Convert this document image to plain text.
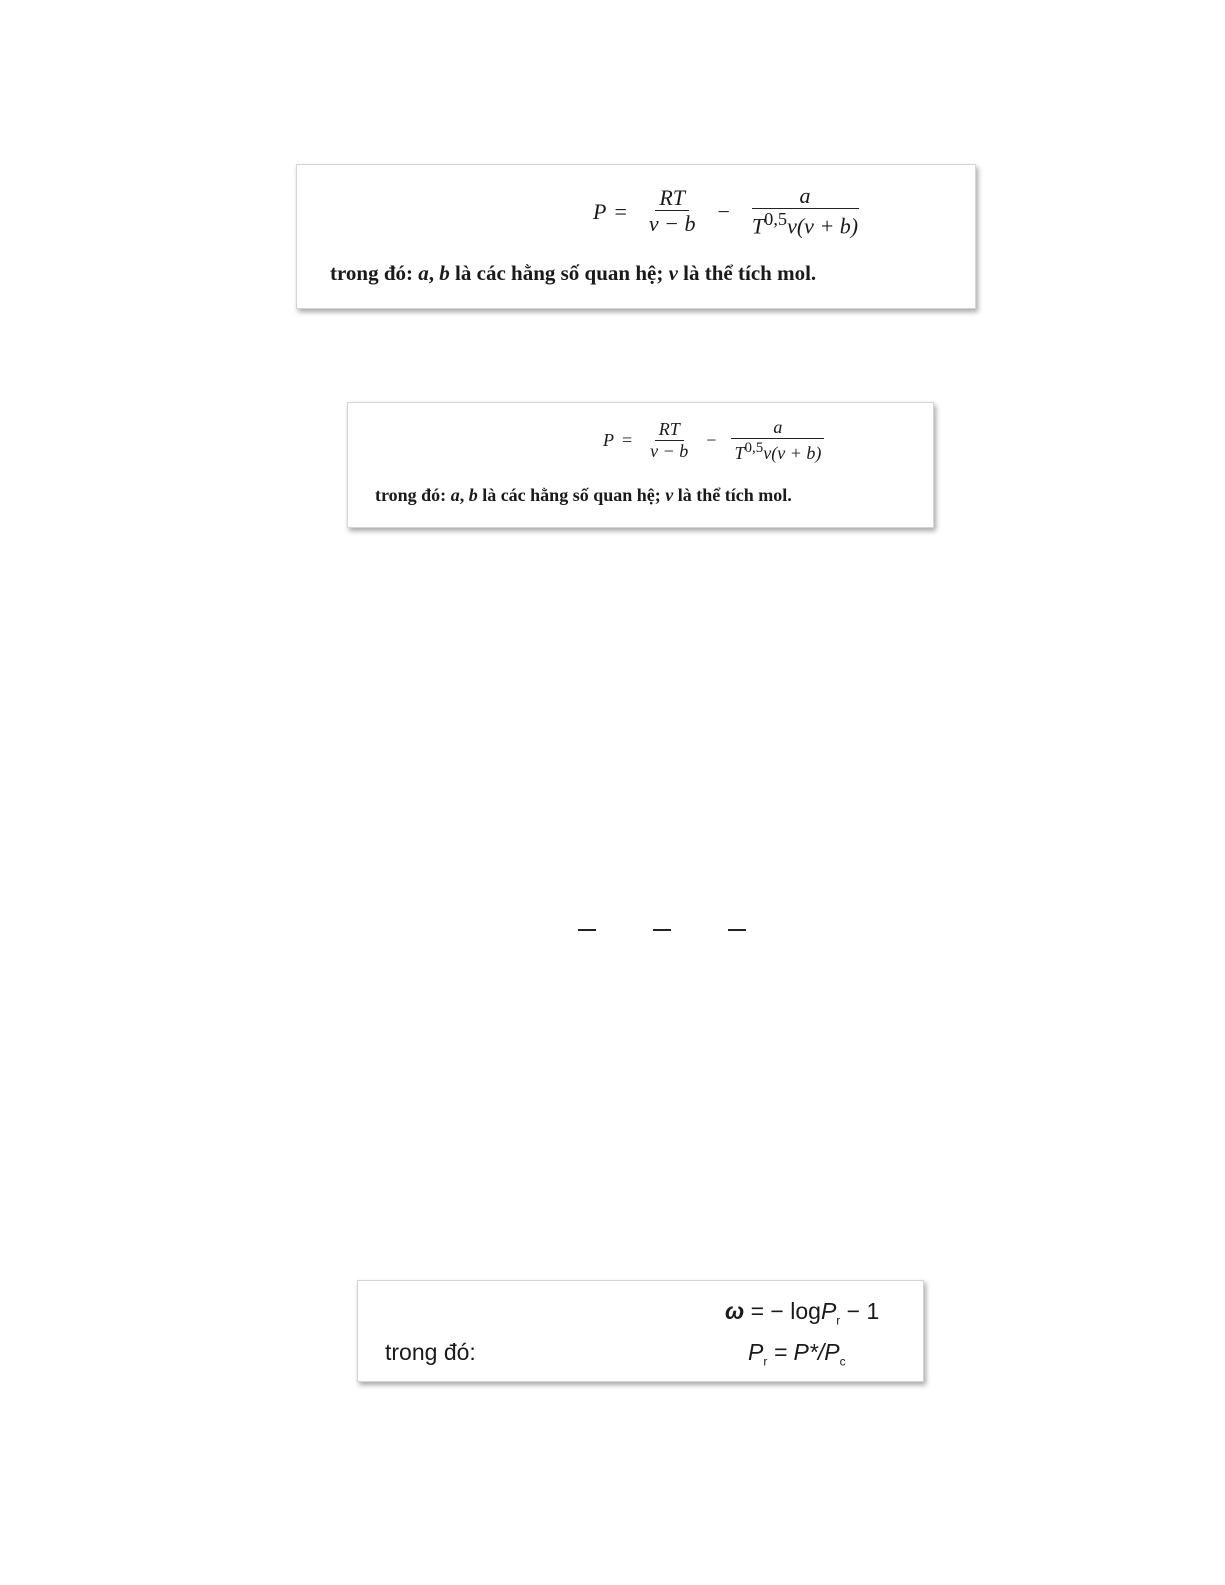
$P = \frac{RT}{v - b} - \frac{a}{T^{0,5}v(v + b)}$
trong đó: a, b là các hằng số quan hệ; v là thể tích mol.
$P = \frac{RT}{v - b} - \frac{a}{T^{0,5}v(v + b)}$
trong đó: a, b là các hằng số quan hệ; v là thể tích mol.
ω = − logP$_r$ − 1
trong đó:	$P_r = P*/P_c$
